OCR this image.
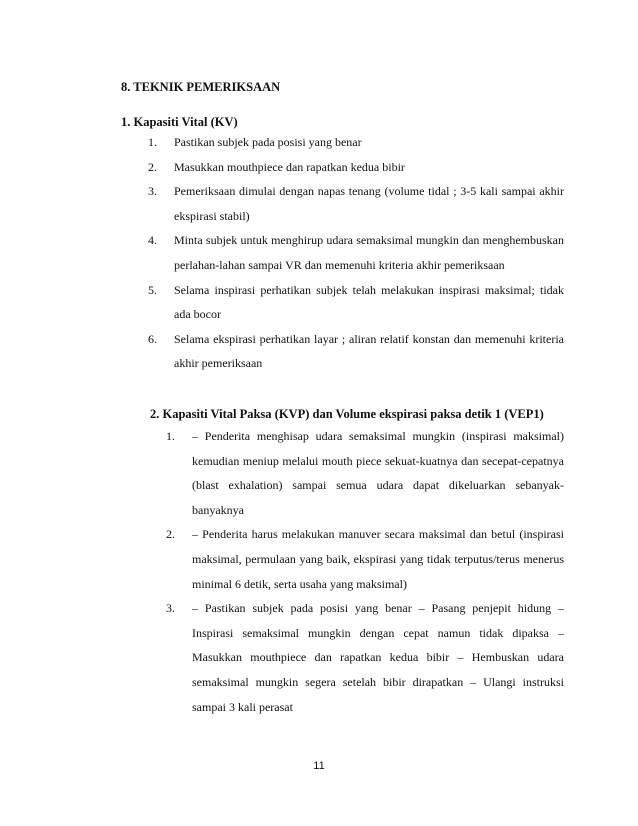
8. TEKNIK PEMERIKSAAN
1. Kapasiti Vital (KV)
1.	Pastikan subjek pada posisi yang benar
2.	Masukkan mouthpiece dan rapatkan kedua bibir
3.	Pemeriksaan dimulai dengan napas tenang (volume tidal ; 3-5 kali sampai akhir ekspirasi stabil)
4.	Minta subjek untuk menghirup udara semaksimal mungkin dan menghembuskan perlahan-lahan sampai VR dan memenuhi kriteria akhir pemeriksaan
5.	Selama inspirasi perhatikan subjek telah melakukan inspirasi maksimal; tidak ada bocor
6.	Selama ekspirasi perhatikan layar ; aliran relatif konstan dan memenuhi kriteria akhir pemeriksaan
2. Kapasiti Vital Paksa (KVP) dan Volume ekspirasi paksa detik 1 (VEP1)
1.	– Penderita menghisap udara semaksimal mungkin (inspirasi maksimal) kemudian meniup melalui mouth piece sekuat-kuatnya dan secepat-cepatnya (blast exhalation) sampai semua udara dapat dikeluarkan sebanyak-banyaknya
2.	– Penderita harus melakukan manuver secara maksimal dan betul (inspirasi maksimal, permulaan yang baik, ekspirasi yang tidak terputus/terus menerus minimal 6 detik, serta usaha yang maksimal)
3.	– Pastikan subjek pada posisi yang benar – Pasang penjepit hidung – Inspirasi semaksimal mungkin dengan cepat namun tidak dipaksa – Masukkan mouthpiece dan rapatkan kedua bibir – Hembuskan udara semaksimal mungkin segera setelah bibir dirapatkan – Ulangi instruksi sampai 3 kali perasat
11
